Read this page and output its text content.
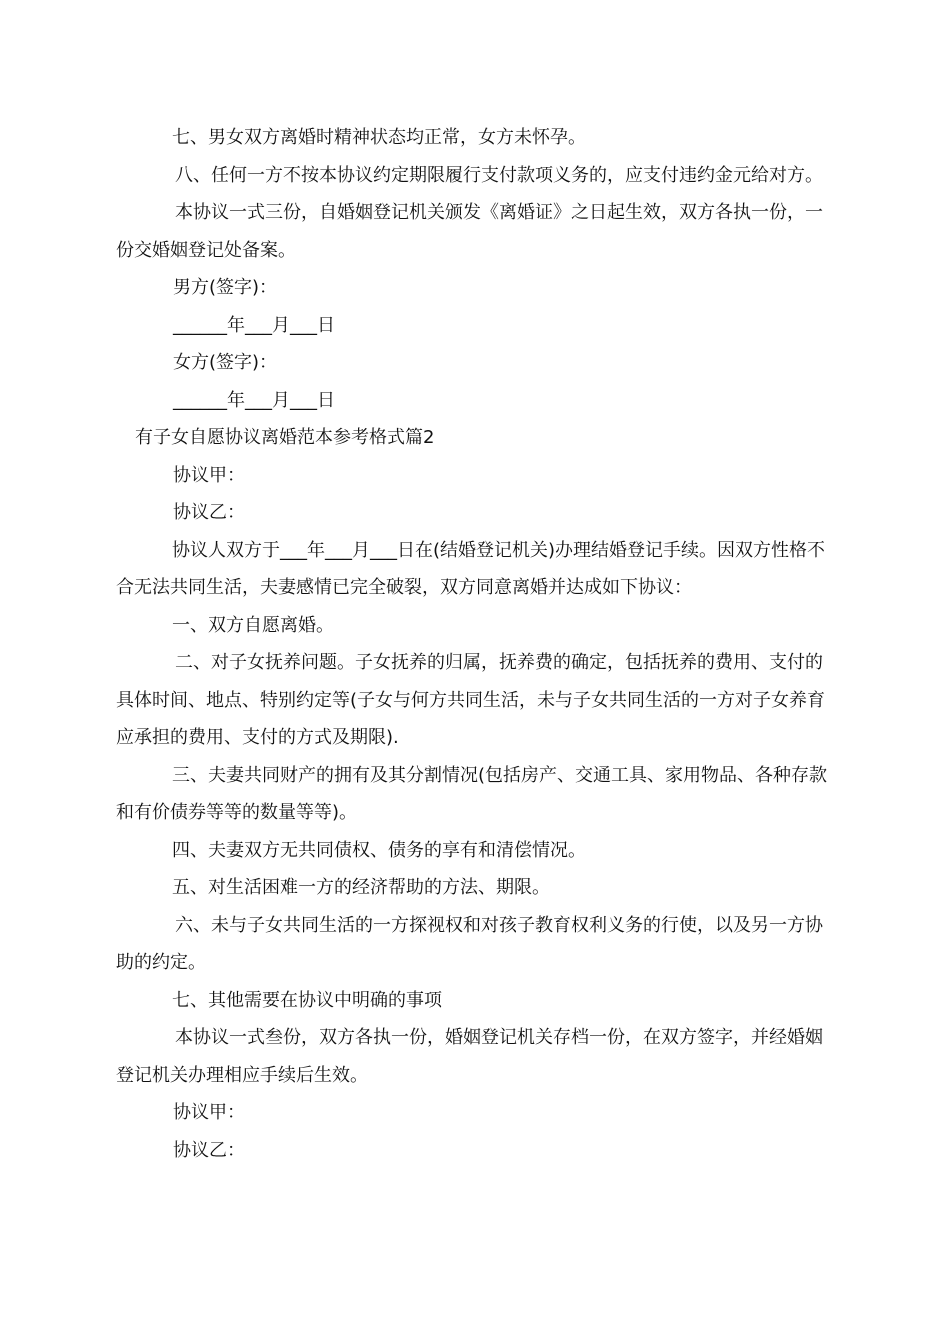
七、男女双方离婚时精神状态均正常，女方未怀孕。

八、任何一方不按本协议约定期限履行支付款项义务的，应支付违约金元给对方。

本协议一式三份，自婚姻登记机关颁发《离婚证》之日起生效，双方各执一份，一份交婚姻登记处备案。

男方(签字)：

______年___月___日

女方(签字)：

______年___月___日

有子女自愿协议离婚范本参考格式篇2

协议甲：

协议乙：

协议人双方于___年___月___日在(结婚登记机关)办理结婚登记手续。因双方性格不合无法共同生活，夫妻感情已完全破裂，双方同意离婚并达成如下协议：

一、双方自愿离婚。

二、对子女抚养问题。子女抚养的归属，抚养费的确定，包括抚养的费用、支付的具体时间、地点、特别约定等(子女与何方共同生活，未与子女共同生活的一方对子女养育应承担的费用、支付的方式及期限).

三、夫妻共同财产的拥有及其分割情况(包括房产、交通工具、家用物品、各种存款和有价债券等等的数量等等)。

四、夫妻双方无共同债权、债务的享有和清偿情况。

五、对生活困难一方的经济帮助的方法、期限。

六、未与子女共同生活的一方探视权和对孩子教育权利义务的行使，以及另一方协助的约定。

七、其他需要在协议中明确的事项

本协议一式叁份，双方各执一份，婚姻登记机关存档一份，在双方签字，并经婚姻登记机关办理相应手续后生效。

协议甲：

协议乙：
